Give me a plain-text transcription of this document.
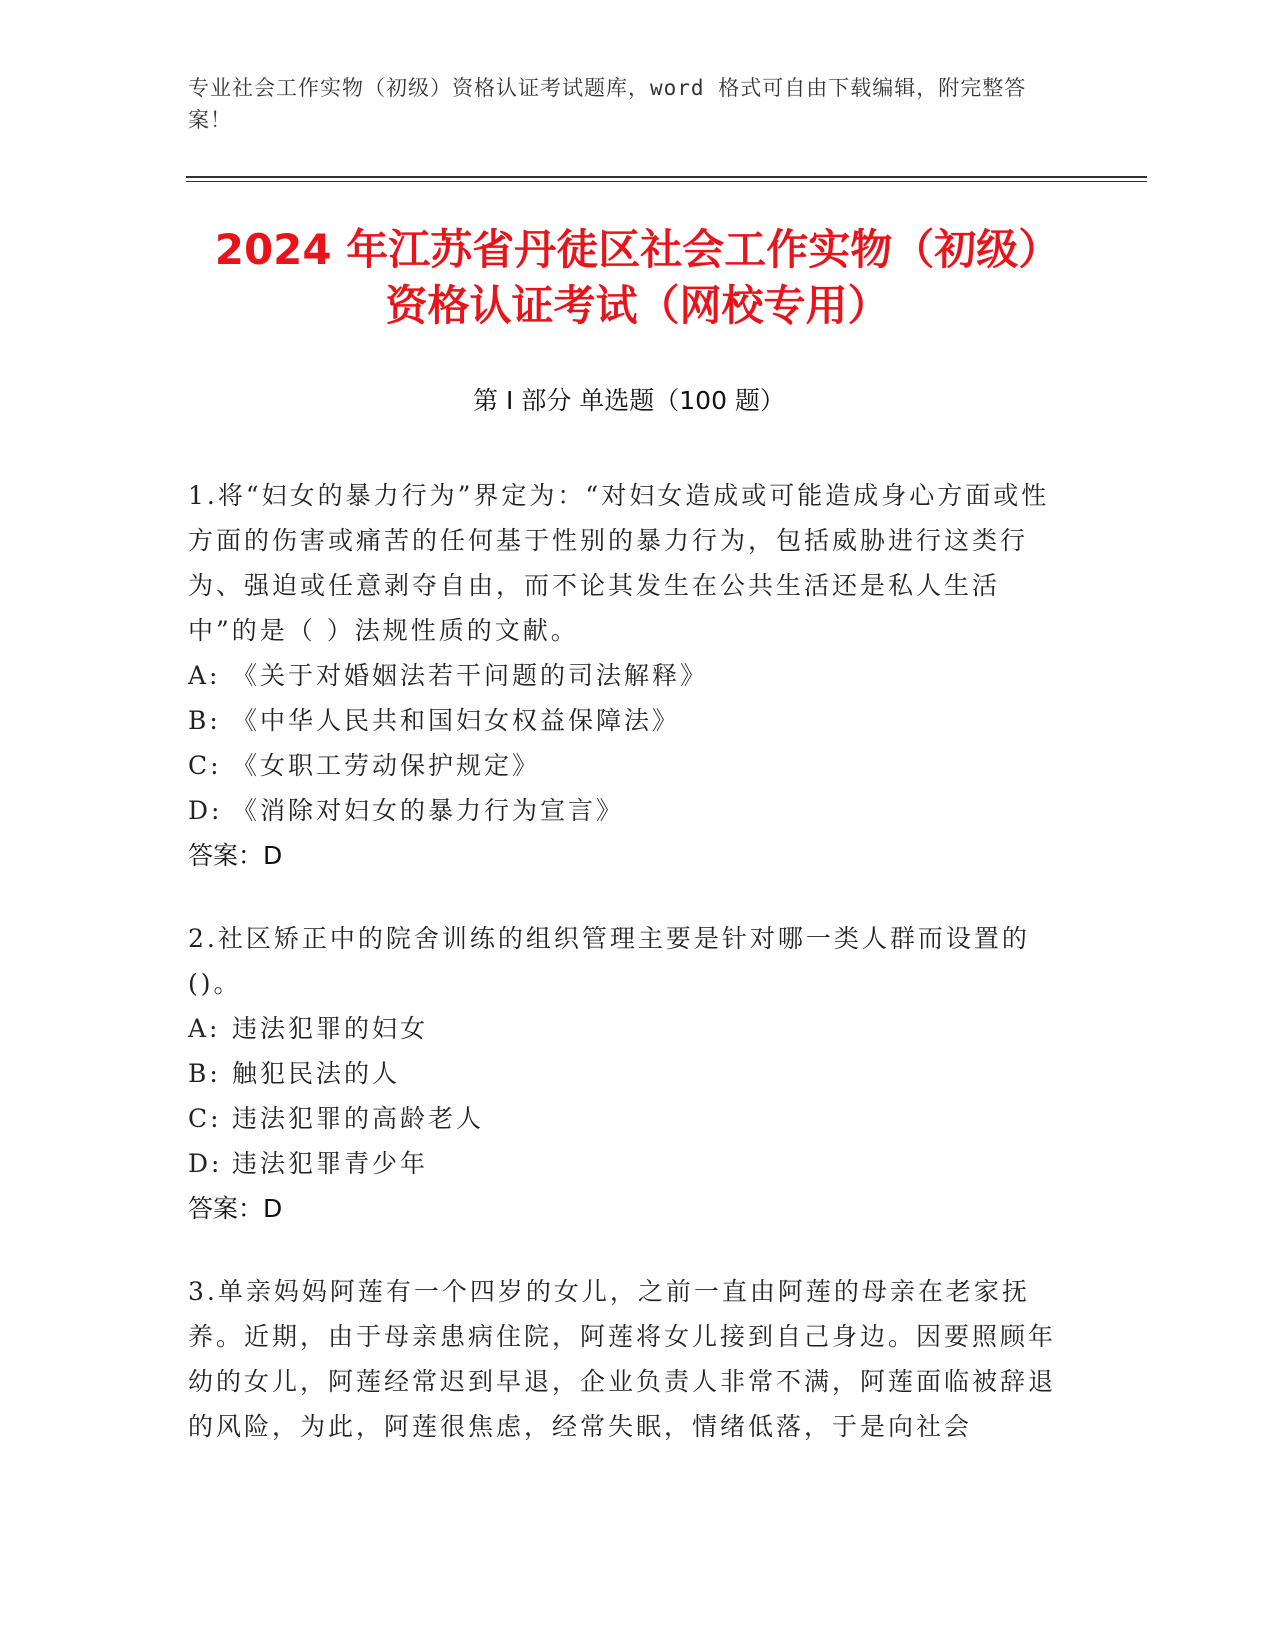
专业社会工作实物（初级）资格认证考试题库，word 格式可自由下载编辑，附完整答案！
2024 年江苏省丹徒区社会工作实物（初级）
资格认证考试（网校专用）
第 I 部分 单选题（100 题）
1.将“妇女的暴力行为”界定为：“对妇女造成或可能造成身心方面或性方面的伤害或痛苦的任何基于性别的暴力行为，包括威胁进行这类行为、强迫或任意剥夺自由，而不论其发生在公共生活还是私人生活中”的是（ ）法规性质的文献。
A: 《关于对婚姻法若干问题的司法解释》
B: 《中华人民共和国妇女权益保障法》
C: 《女职工劳动保护规定》
D: 《消除对妇女的暴力行为宣言》
答案：D
2.社区矫正中的院舍训练的组织管理主要是针对哪一类人群而设置的()。
A: 违法犯罪的妇女
B: 触犯民法的人
C: 违法犯罪的高龄老人
D: 违法犯罪青少年
答案：D
3.单亲妈妈阿莲有一个四岁的女儿，之前一直由阿莲的母亲在老家抚养。近期，由于母亲患病住院，阿莲将女儿接到自己身边。因要照顾年幼的女儿，阿莲经常迟到早退，企业负责人非常不满，阿莲面临被辞退的风险，为此，阿莲很焦虑，经常失眠，情绪低落，于是向社会
